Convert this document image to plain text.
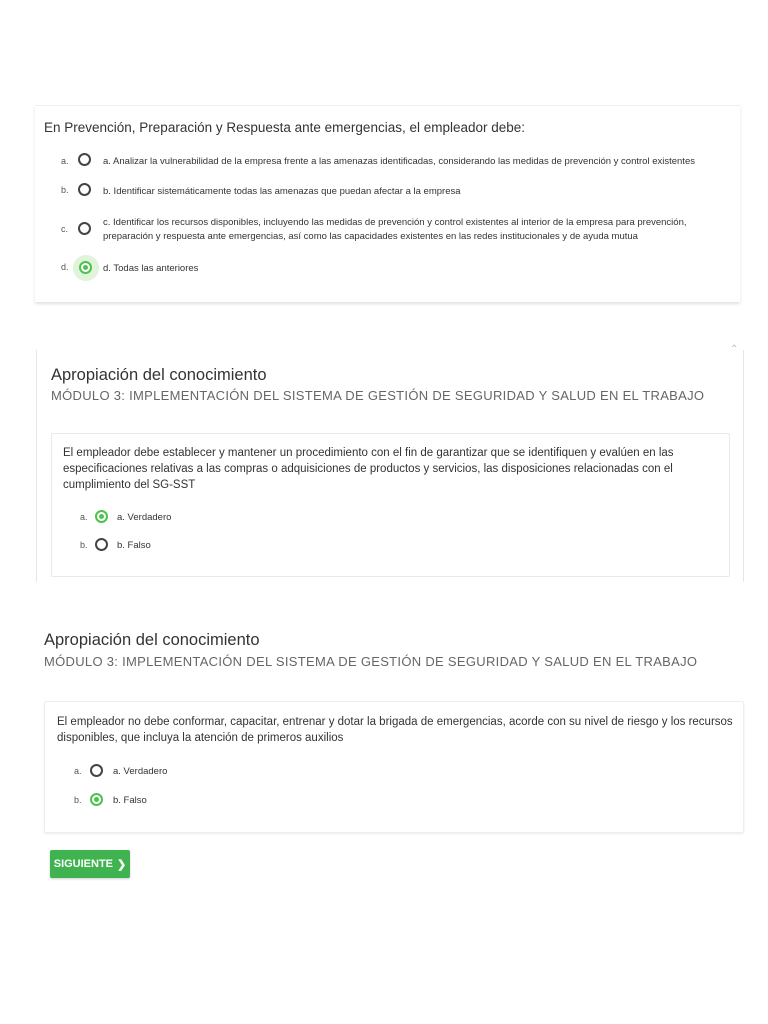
En Prevención, Preparación y Respuesta ante emergencias, el empleador debe:
a.	a. Analizar la vulnerabilidad de la empresa frente a las amenazas identificadas, considerando las medidas de prevención y control existentes
b.	b. Identificar sistemáticamente todas las amenazas que puedan afectar a la empresa
c.
c. Identificar los recursos disponibles, incluyendo las medidas de prevención y control existentes al interior de la empresa para prevención, preparación y respuesta ante emergencias, así como las capacidades existentes en las redes institucionales y de ayuda mutua
d.	d. Todas las anteriores
⌃
Apropiación del conocimiento
MÓDULO 3: IMPLEMENTACIÓN DEL SISTEMA DE GESTIÓN DE SEGURIDAD Y SALUD EN EL TRABAJO
El empleador debe establecer y mantener un procedimiento con el fin de garantizar que se identifiquen y evalúen en las especificaciones relativas a las compras o adquisiciones de productos y servicios, las disposiciones relacionadas con el cumplimiento del SG-SST
a.	a. Verdadero
b.	b. Falso
Apropiación del conocimiento
MÓDULO 3: IMPLEMENTACIÓN DEL SISTEMA DE GESTIÓN DE SEGURIDAD Y SALUD EN EL TRABAJO
El empleador no debe conformar, capacitar, entrenar y dotar la brigada de emergencias, acorde con su nivel de riesgo y los recursos disponibles, que incluya la atención de primeros auxilios
a.	a. Verdadero
b.	b. Falso
SIGUIENTE ❯
